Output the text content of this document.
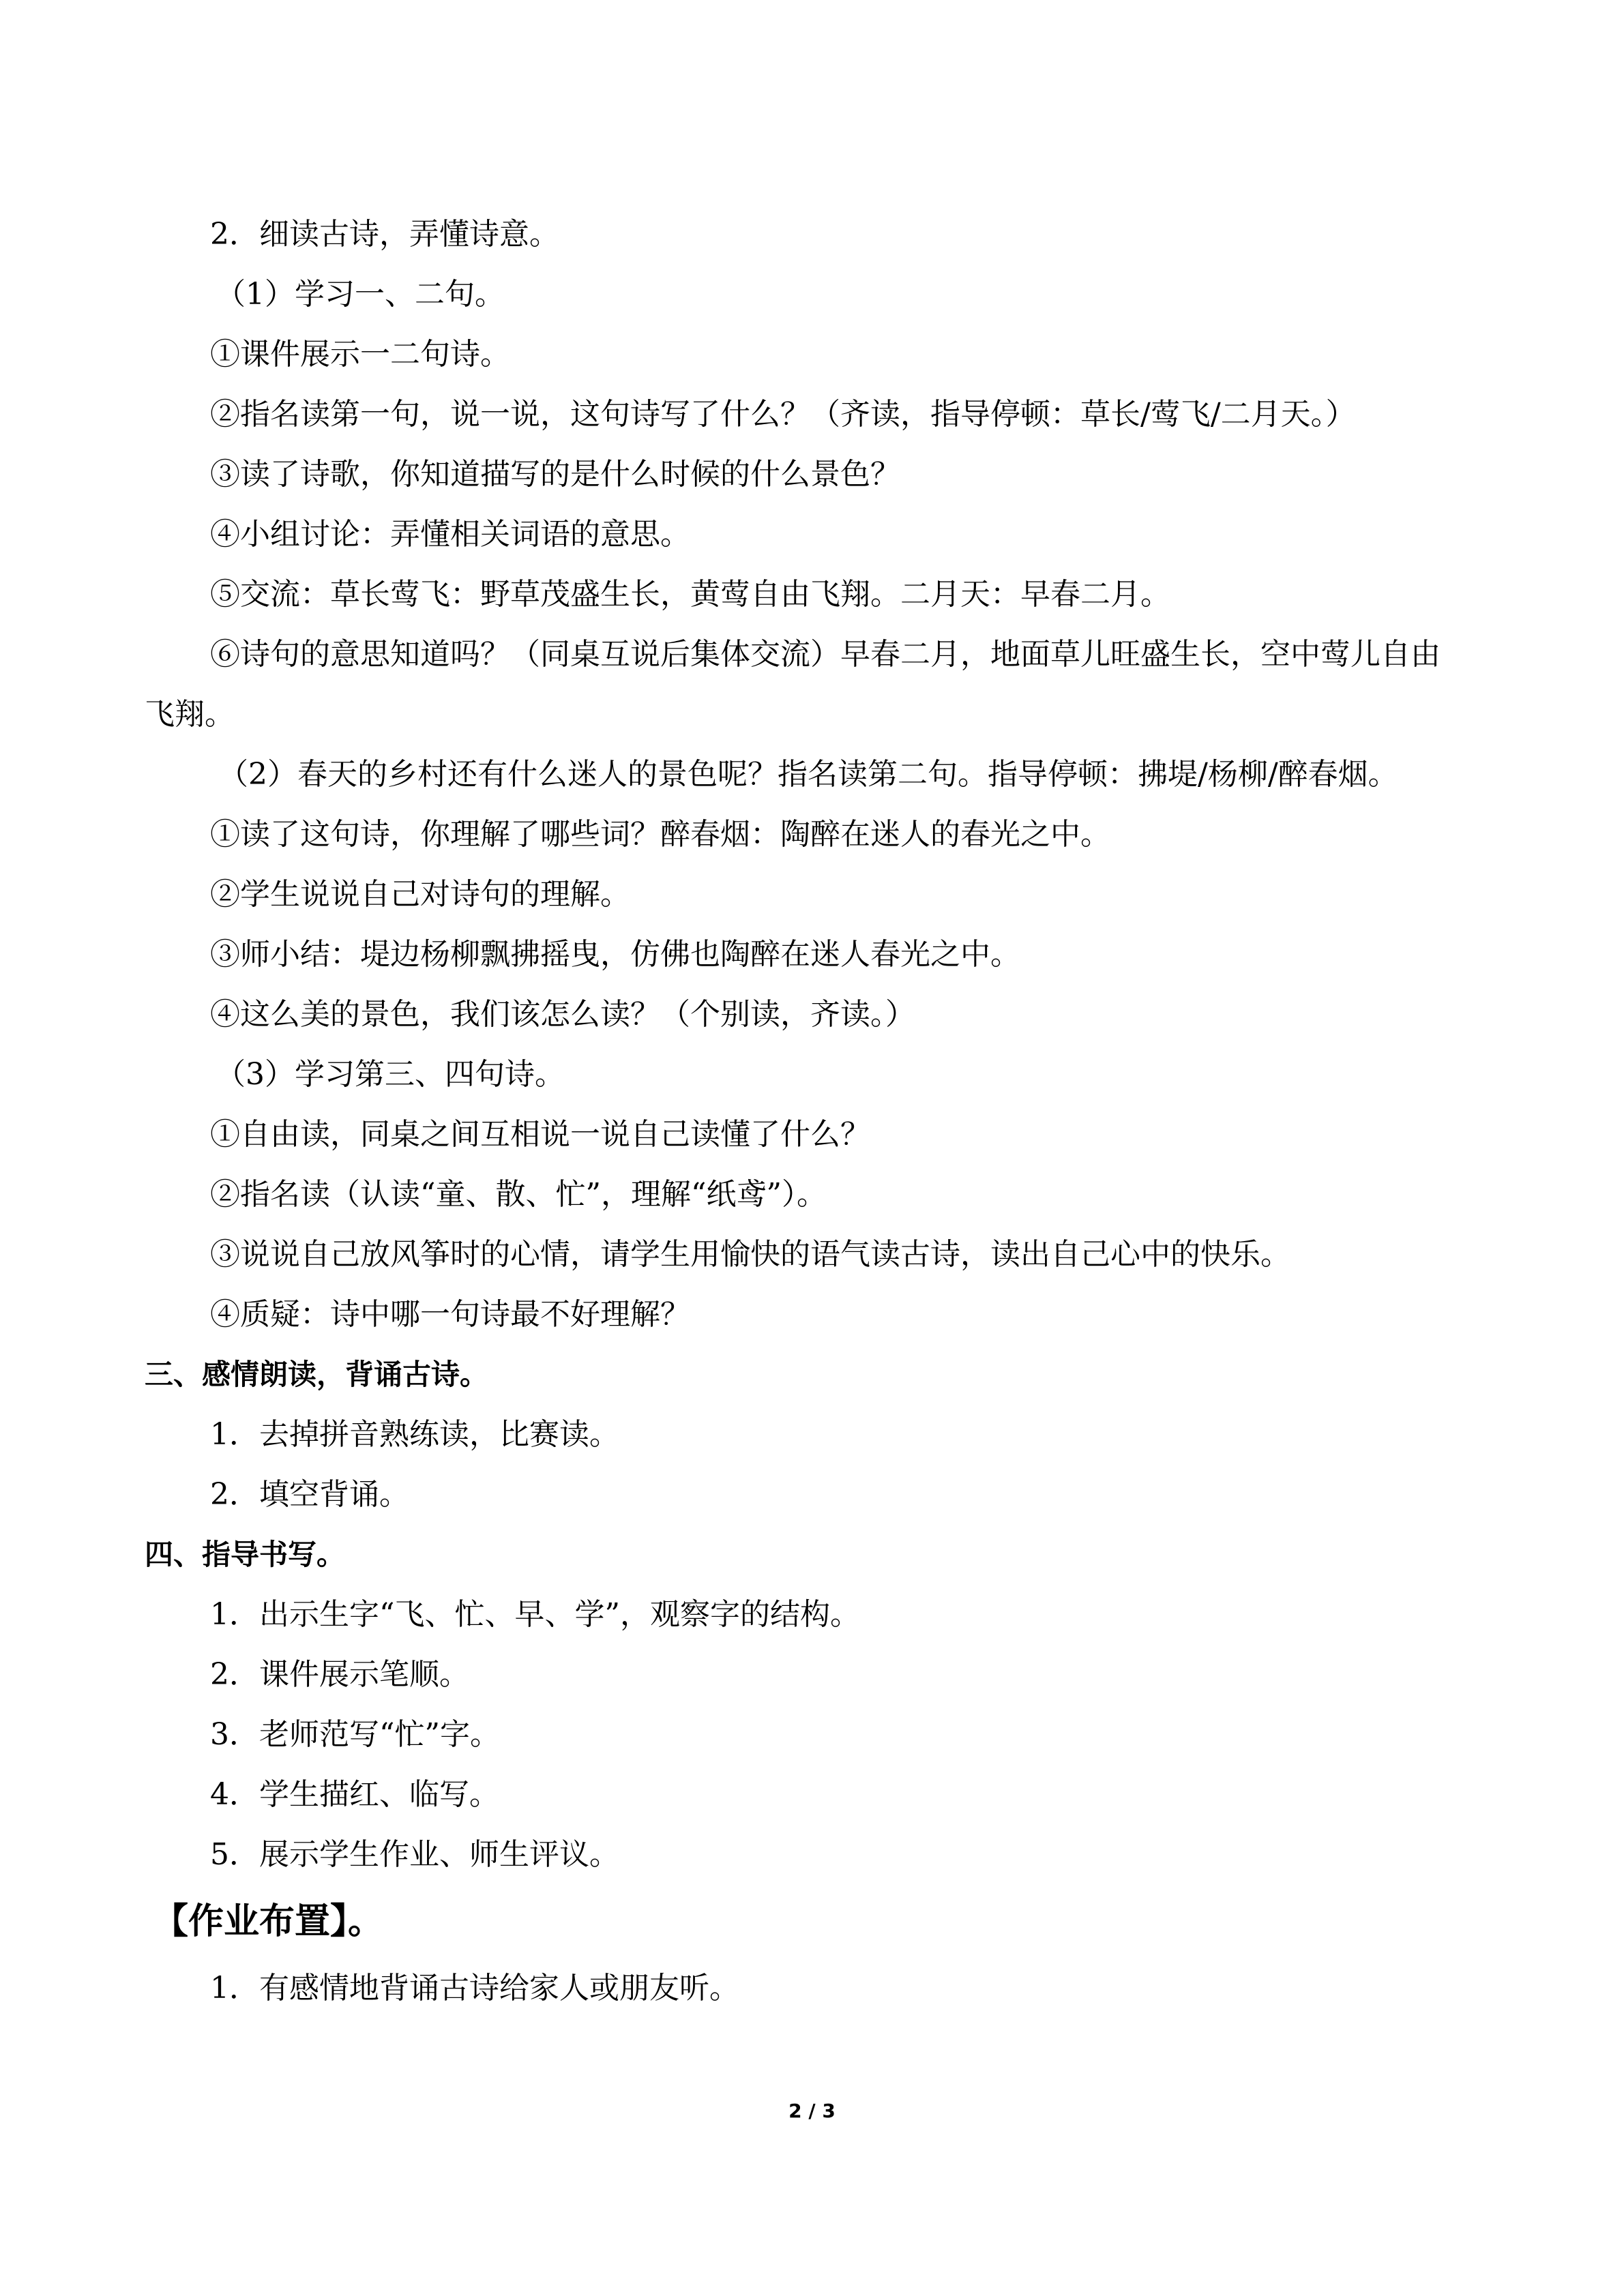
2．细读古诗，弄懂诗意。
（1）学习一、二句。
①课件展示一二句诗。
②指名读第一句，说一说，这句诗写了什么？（齐读，指导停顿：草长/莺飞/二月天。）
③读了诗歌，你知道描写的是什么时候的什么景色？
④小组讨论：弄懂相关词语的意思。
⑤交流：草长莺飞：野草茂盛生长，黄莺自由飞翔。二月天：早春二月。
⑥诗句的意思知道吗？（同桌互说后集体交流）早春二月，地面草儿旺盛生长，空中莺儿自由飞翔。
（2）春天的乡村还有什么迷人的景色呢？指名读第二句。指导停顿：拂堤/杨柳/醉春烟。
①读了这句诗，你理解了哪些词？醉春烟：陶醉在迷人的春光之中。
②学生说说自己对诗句的理解。
③师小结：堤边杨柳飘拂摇曳，仿佛也陶醉在迷人春光之中。
④这么美的景色，我们该怎么读？（个别读，齐读。）
（3）学习第三、四句诗。
①自由读，同桌之间互相说一说自己读懂了什么？
②指名读（认读“童、散、忙”，理解“纸鸢”）。
③说说自己放风筝时的心情，请学生用愉快的语气读古诗，读出自己心中的快乐。
④质疑：诗中哪一句诗最不好理解？
三、感情朗读，背诵古诗。
1．去掉拼音熟练读，比赛读。
2．填空背诵。
四、指导书写。
1．出示生字“飞、忙、早、学”，观察字的结构。
2．课件展示笔顺。
3．老师范写“忙”字。
4．学生描红、临写。
5．展示学生作业、师生评议。
【作业布置】。
1．有感情地背诵古诗给家人或朋友听。
2 / 3
